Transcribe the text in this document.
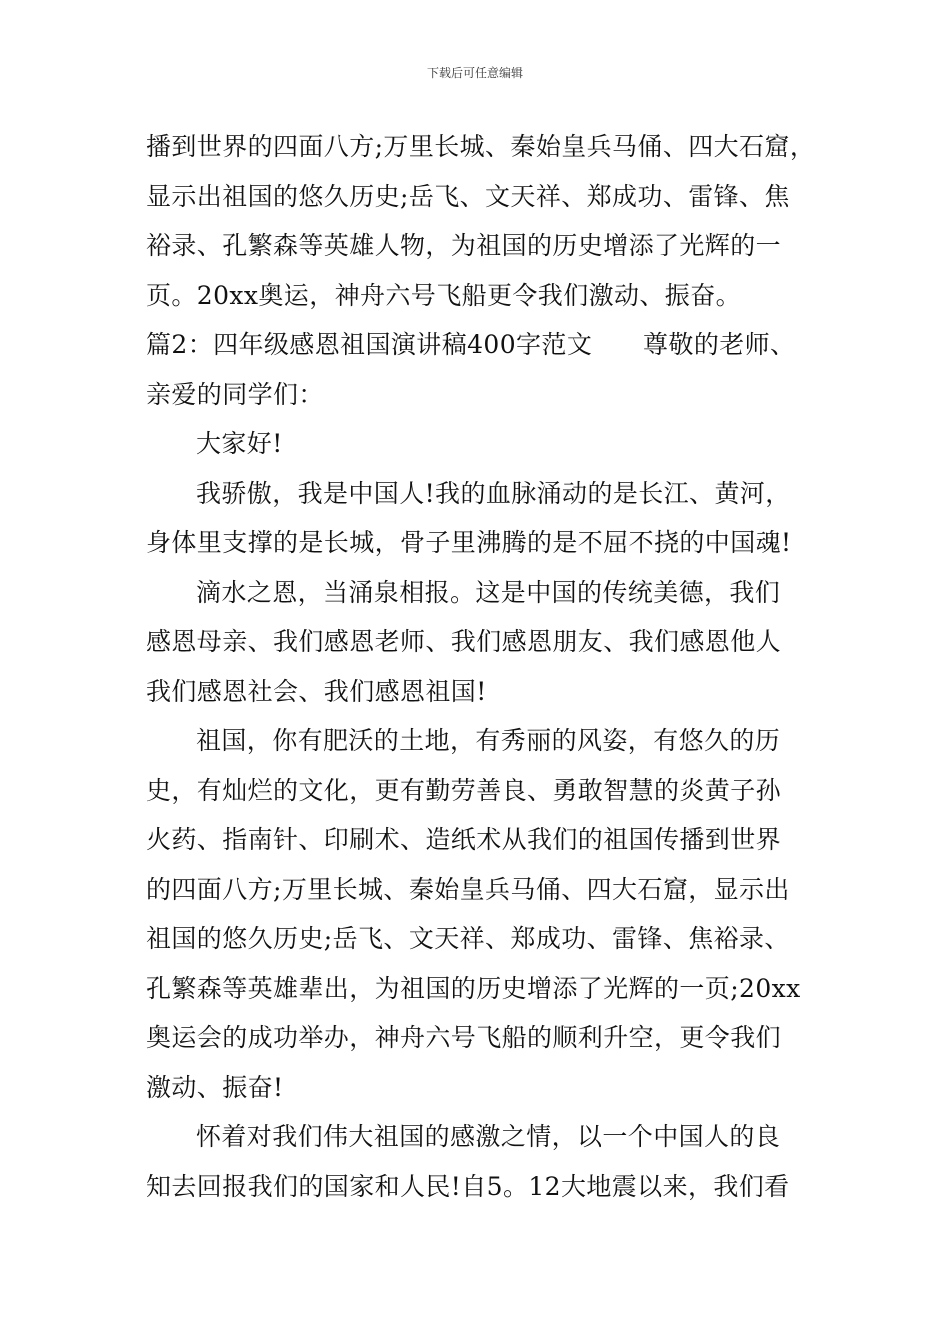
下载后可任意编辑
播到世界的四面八方;万里长城、秦始皇兵马俑、四大石窟，
显示出祖国的悠久历史;岳飞、文天祥、郑成功、雷锋、焦
裕录、孔繁森等英雄人物，为祖国的历史增添了光辉的一
页。20xx奥运，神舟六号飞船更令我们激动、振奋。
篇2：四年级感恩祖国演讲稿400字范文　　尊敬的老师、
亲爱的同学们：
大家好!
我骄傲，我是中国人!我的血脉涌动的是长江、黄河，
身体里支撑的是长城，骨子里沸腾的是不屈不挠的中国魂!
滴水之恩，当涌泉相报。这是中国的传统美德，我们
感恩母亲、我们感恩老师、我们感恩朋友、我们感恩他人
我们感恩社会、我们感恩祖国!
祖国，你有肥沃的土地，有秀丽的风姿，有悠久的历
史，有灿烂的文化，更有勤劳善良、勇敢智慧的炎黄子孙
火药、指南针、印刷术、造纸术从我们的祖国传播到世界
的四面八方;万里长城、秦始皇兵马俑、四大石窟，显示出
祖国的悠久历史;岳飞、文天祥、郑成功、雷锋、焦裕录、
孔繁森等英雄辈出，为祖国的历史增添了光辉的一页;20xx
奥运会的成功举办，神舟六号飞船的顺利升空，更令我们
激动、振奋!
怀着对我们伟大祖国的感激之情，以一个中国人的良
知去回报我们的国家和人民!自5。12大地震以来，我们看
